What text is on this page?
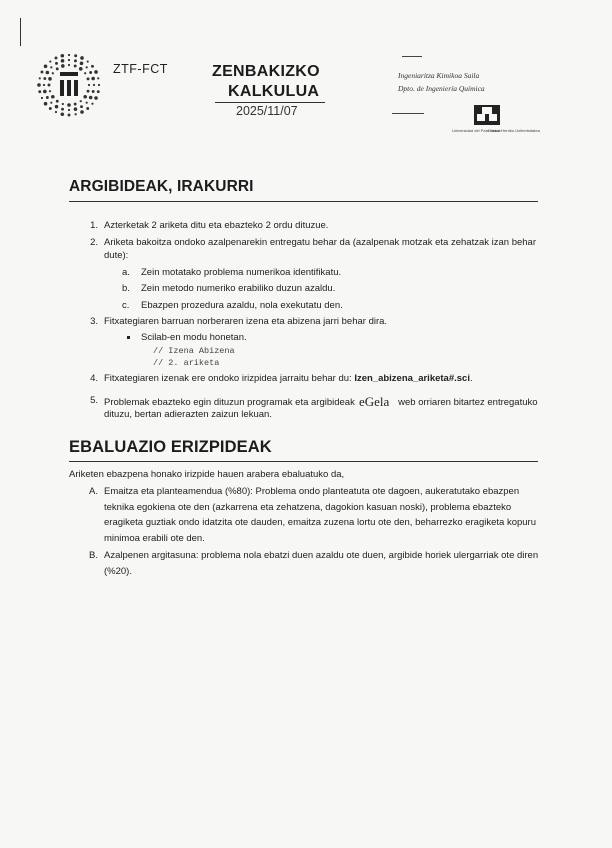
ZTF-FCT	ZENBAKIZKO
KALKULUA
2025/11/07
Ingeniaritza Kimikoa Saila
Dpto. de Ingeniería Química
Universidad del País Vasco
Euskal Herriko Unibertsitatea
ARGIBIDEAK, IRAKURRI
1. Azterketak 2 ariketa ditu eta ebazteko 2 ordu dituzue.
2. Ariketa bakoitza ondoko azalpenarekin entregatu behar da (azalpenak motzak eta zehatzak izan behar
dute):
a. Zein motatako problema numerikoa identifikatu.
b. Zein metodo numeriko erabiliko duzun azaldu.
c. Ebazpen prozedura azaldu, nola exekutatu den.
3. Fitxategiaren barruan norberaren izena eta abizena jarri behar dira.
Scilab-en modu honetan.
// Izena Abizena
// 2. ariketa
4. Fitxategiaren izenak ere ondoko irizpidea jarraitu behar du: Izen_abizena_ariketa#.sci.
5. Problemak ebazteko egin dituzun programak eta argibideak eGela web orriaren bitartez entregatuko
dituzu, bertan adierazten zaizun lekuan.
EBALUAZIO ERIZPIDEAK
Ariketen ebazpena honako irizpide hauen arabera ebaluatuko da,
A. Emaitza eta planteamendua (%80): Problema ondo planteatuta ote dagoen, aukeratutako ebazpen
teknika egokiena ote den (azkarrena eta zehatzena, dagokion kasuan noski), problema ebazteko
eragiketa guztiak ondo idatzita ote dauden, emaitza zuzena lortu ote den, beharrezko eragiketa kopuru
minimoa erabili ote den.
B. Azalpenen argitasuna: problema nola ebatzi duen azaldu ote duen, argibide horiek ulergarriak ote diren
(%20).
